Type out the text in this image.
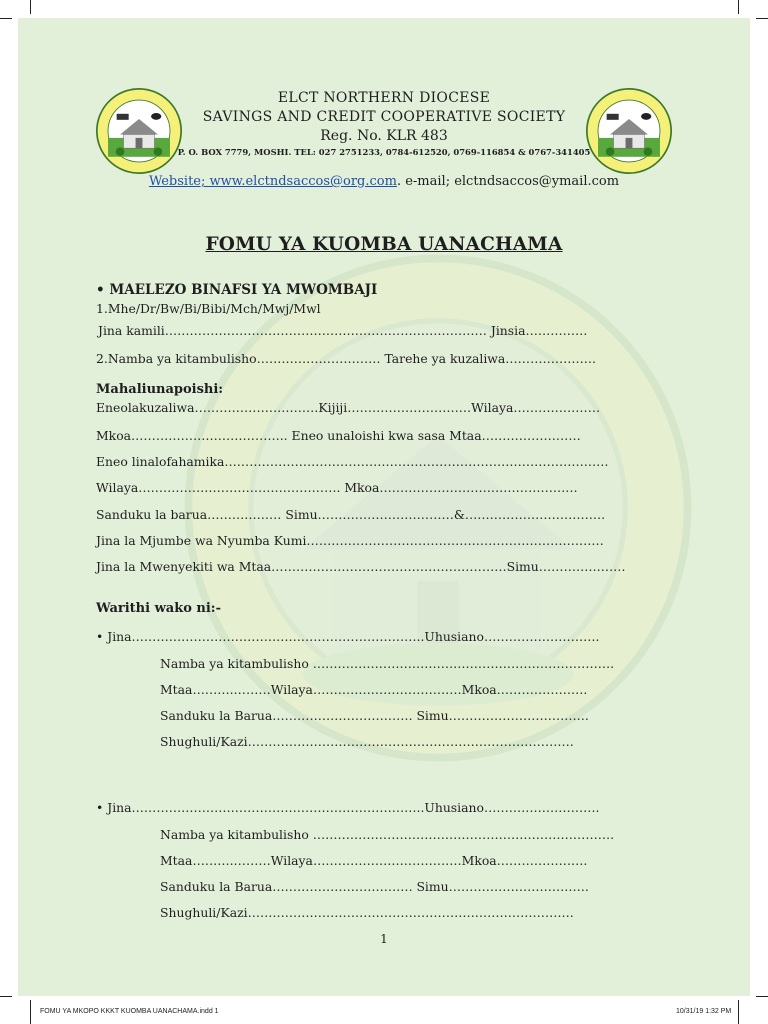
ELCT NORTHERN DIOCESE
SAVINGS AND CREDIT COOPERATIVE SOCIETY
Reg. No. KLR 483
P. O. BOX 7779, MOSHI. TEL: 027 2751233, 0784-612520, 0769-116854 & 0767-341405
Website; www.elctndsaccos@org.com. e-mail; elctndsaccos@ymail.com
FOMU YA KUOMBA UANACHAMA
• MAELEZO BINAFSI YA MWOMBAJI
1.Mhe/Dr/Bw/Bi/Bibi/Mch/Mwj/Mwl
Jina kamili…………………………………………………………………… Jinsia……………
2.Namba ya kitambulisho………………………… Tarehe ya kuzaliwa………………….
Mahaliunapoishi:
Eneolakuzaliwa…………………………Kijiji…………………………Wilaya…………………
Mkoa……………………………….. Eneo unaloishi kwa sasa Mtaa……………………
Eneo linalofahamika…………………………………………………………………………………
Wilaya…………………………………………. Mkoa…………………………………………
Sanduku la barua……………… Simu……………………………&…………………………….
Jina la Mjumbe wa Nyumba Kumi………………………………………………………………
Jina la Mwenyekiti wa Mtaa…………………………………………………Simu…………………
Warithi wako ni:-
• Jina……………………………………………………………..Uhusiano……………………….
Namba ya kitambulisho ……………………………………………………………….
Mtaa……….………Wilaya………………………………Mkoa………………….
Sanduku la Barua……………………………. Simu…………………………….
Shughuli/Kazi…………………………………………………………………….
• Jina……………………………………………………………..Uhusiano……………………….
Namba ya kitambulisho ……………………………………………………………….
Mtaa……….………Wilaya………………………………Mkoa………………….
Sanduku la Barua……………………………. Simu…………………………….
Shughuli/Kazi…………………………………………………………………….
1
FOMU YA MKOPO KKKT KUOMBA UANACHAMA.indd 1	10/31/19 1:32 PM
